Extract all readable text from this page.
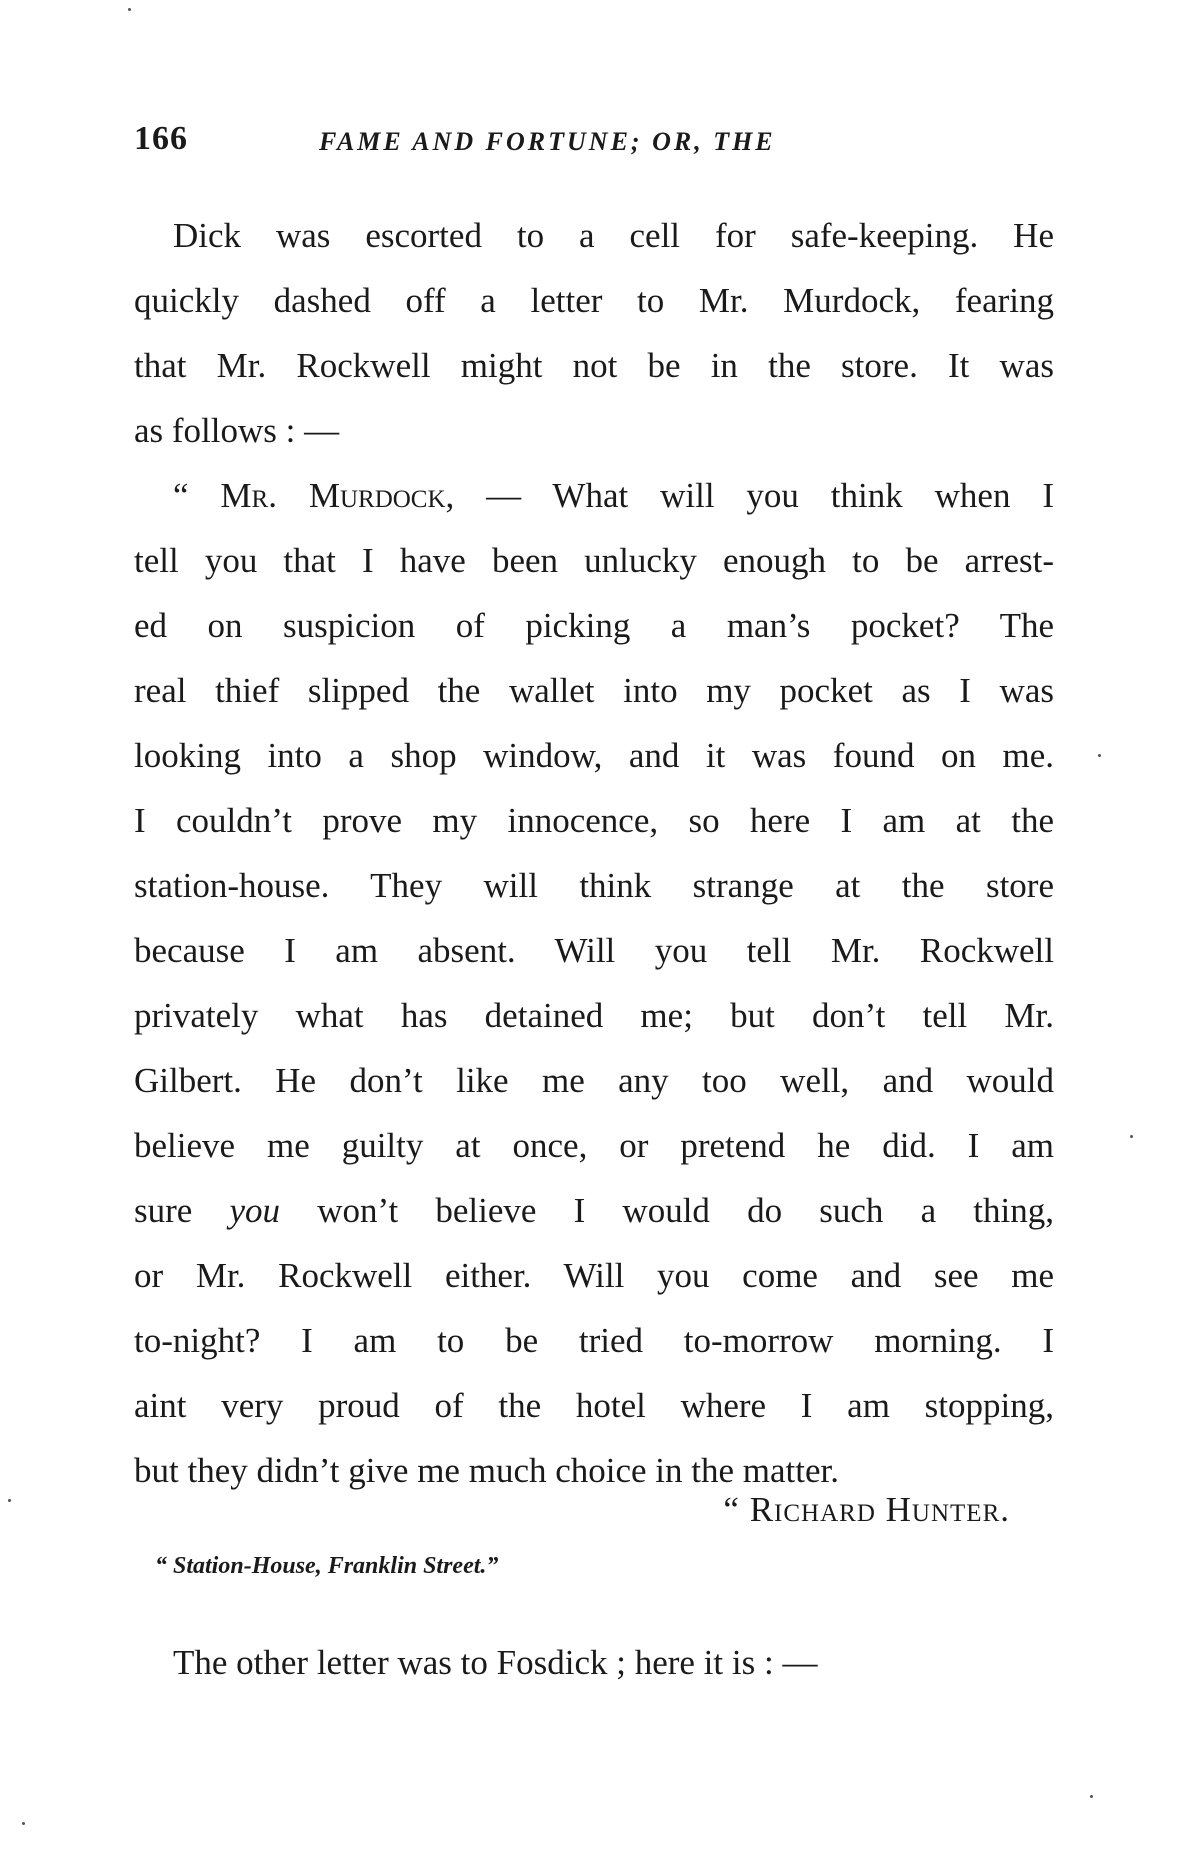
166	FAME AND FORTUNE; OR, THE
Dick was escorted to a cell for safe-keeping. He
quickly dashed off a letter to Mr. Murdock, fearing
that Mr. Rockwell might not be in the store. It was
as follows : —
“ Mr. Murdock, — What will you think when I
tell you that I have been unlucky enough to be arrest-
ed on suspicion of picking a man’s pocket? The
real thief slipped the wallet into my pocket as I was
looking into a shop window, and it was found on me.
I couldn’t prove my innocence, so here I am at the
station-house. They will think strange at the store
because I am absent. Will you tell Mr. Rockwell
privately what has detained me; but don’t tell Mr.
Gilbert. He don’t like me any too well, and would
believe me guilty at once, or pretend he did. I am
sure you won’t believe I would do such a thing,
or Mr. Rockwell either. Will you come and see me
to-night? I am to be tried to-morrow morning. I
aint very proud of the hotel where I am stopping,
but they didn’t give me much choice in the matter.
“ Richard Hunter.
“ Station-House, Franklin Street.”
The other letter was to Fosdick ; here it is : —
